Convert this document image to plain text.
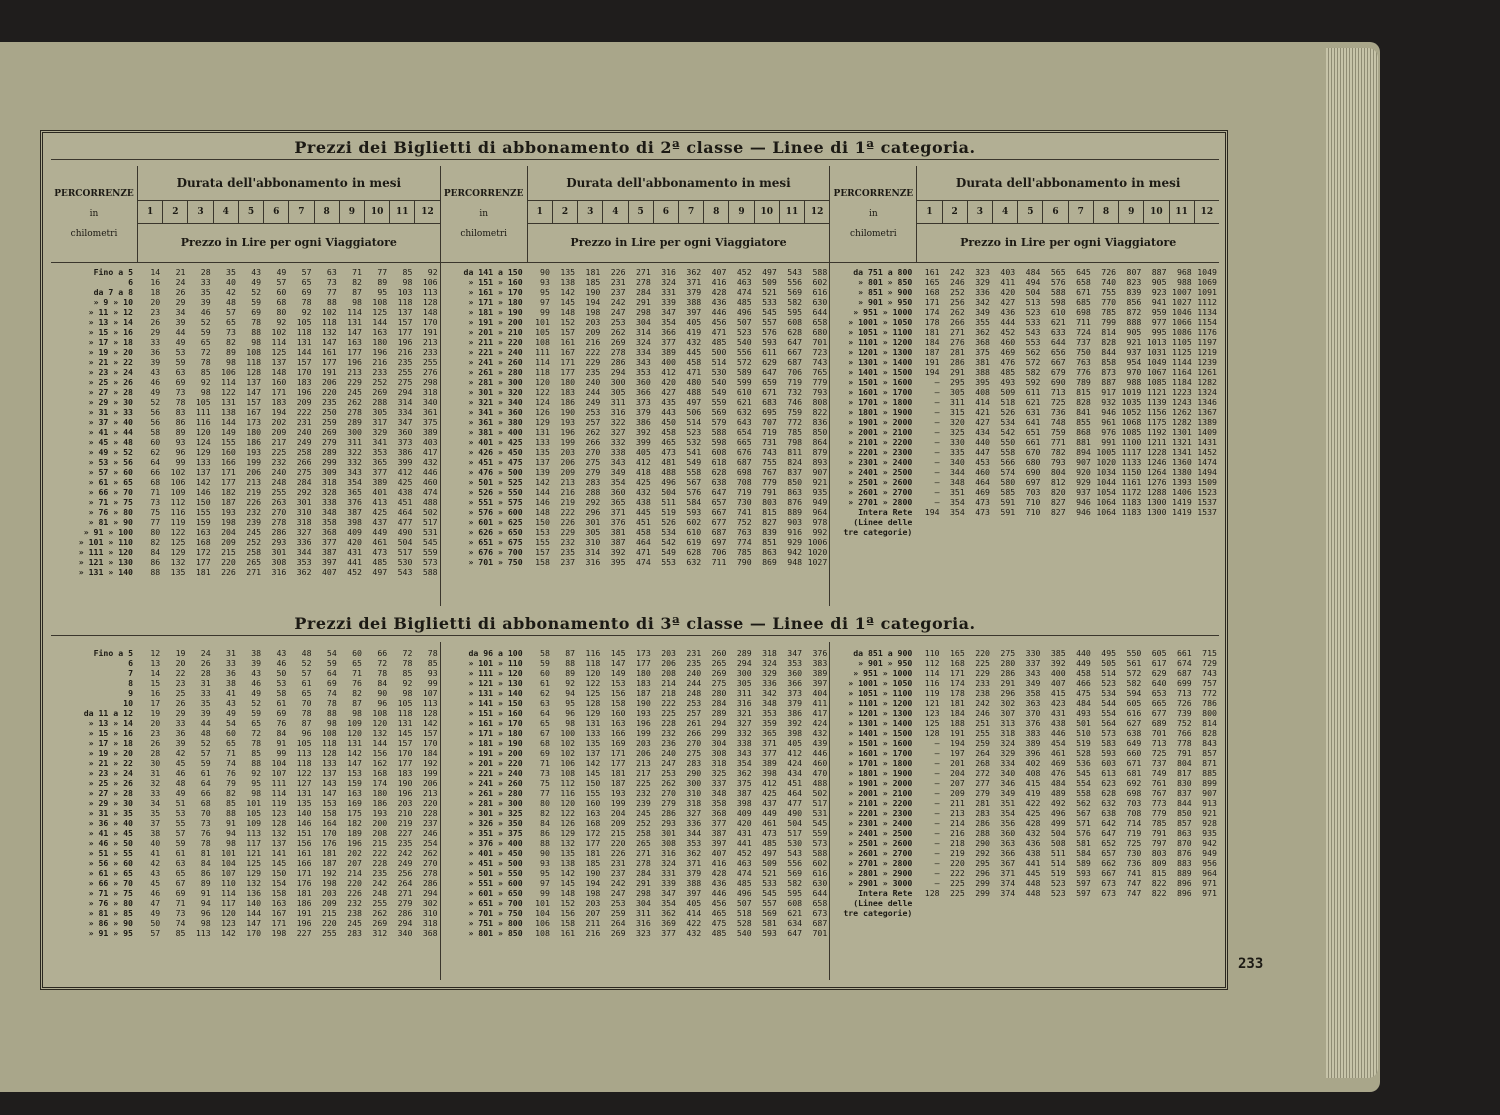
Prezzi dei Biglietti di abbonamento di 2ª classe — Linee di 1ª categoria.
PERCORRENZE
in
chilometri
Durata dell'abbonamento in mesi
1	2	3	4	5	6	7	8	9	10	11	12
Prezzo in Lire per ogni Viaggiatore
Fino a 5	14	21	28	35	43	49	57	63	71	77	85	92
6	16	24	33	40	49	57	65	73	82	89	98	106
da 7 a 8	18	26	35	42	52	60	69	77	87	95	103	113
» 9 » 10	20	29	39	48	59	68	78	88	98	108	118	128
» 11 » 12	23	34	46	57	69	80	92	102	114	125	137	148
» 13 » 14	26	39	52	65	78	92	105	118	131	144	157	170
» 15 » 16	29	44	59	73	88	102	118	132	147	163	177	191
» 17 » 18	33	49	65	82	98	114	131	147	163	180	196	213
» 19 » 20	36	53	72	89	108	125	144	161	177	196	216	233
» 21 » 22	39	59	78	98	118	137	157	177	196	216	235	255
» 23 » 24	43	63	85	106	128	148	170	191	213	233	255	276
» 25 » 26	46	69	92	114	137	160	183	206	229	252	275	298
» 27 » 28	49	73	98	122	147	171	196	220	245	269	294	318
» 29 » 30	52	78	105	131	157	183	209	235	262	288	314	340
» 31 » 33	56	83	111	138	167	194	222	250	278	305	334	361
» 37 » 40	56	86	116	144	173	202	231	259	289	317	347	375
» 41 » 44	58	89	120	149	180	209	240	269	300	329	360	389
» 45 » 48	60	93	124	155	186	217	249	279	311	341	373	403
» 49 » 52	62	96	129	160	193	225	258	289	322	353	386	417
» 53 » 56	64	99	133	166	199	232	266	299	332	365	399	432
» 57 » 60	66	102	137	171	206	240	275	309	343	377	412	446
» 61 » 65	68	106	142	177	213	248	284	318	354	389	425	460
» 66 » 70	71	109	146	182	219	255	292	328	365	401	438	474
» 71 » 75	73	112	150	187	226	263	301	338	376	413	451	488
» 76 » 80	75	116	155	193	232	270	310	348	387	425	464	502
» 81 » 90	77	119	159	198	239	278	318	358	398	437	477	517
» 91 » 100	80	122	163	204	245	286	327	368	409	449	490	531
» 101 » 110	82	125	168	209	252	293	336	377	420	461	504	545
» 111 » 120	84	129	172	215	258	301	344	387	431	473	517	559
» 121 » 130	86	132	177	220	265	308	353	397	441	485	530	573
» 131 » 140	88	135	181	226	271	316	362	407	452	497	543	588
PERCORRENZE
in
chilometri
Durata dell'abbonamento in mesi
1	2	3	4	5	6	7	8	9	10	11	12
Prezzo in Lire per ogni Viaggiatore
da 141 a 150	90	135	181	226	271	316	362	407	452	497	543	588
» 151 » 160	93	138	185	231	278	324	371	416	463	509	556	602
» 161 » 170	95	142	190	237	284	331	379	428	474	521	569	616
» 171 » 180	97	145	194	242	291	339	388	436	485	533	582	630
» 181 » 190	99	148	198	247	298	347	397	446	496	545	595	644
» 191 » 200	101	152	203	253	304	354	405	456	507	557	608	658
» 201 » 210	105	157	209	262	314	366	419	471	523	576	628	680
» 211 » 220	108	161	216	269	324	377	432	485	540	593	647	701
» 221 » 240	111	167	222	278	334	389	445	500	556	611	667	723
» 241 » 260	114	171	229	286	343	400	458	514	572	629	687	743
» 261 » 280	118	177	235	294	353	412	471	530	589	647	706	765
» 281 » 300	120	180	240	300	360	420	480	540	599	659	719	779
» 301 » 320	122	183	244	305	366	427	488	549	610	671	732	793
» 321 » 340	124	186	249	311	373	435	497	559	621	683	746	808
» 341 » 360	126	190	253	316	379	443	506	569	632	695	759	822
» 361 » 380	129	193	257	322	386	450	514	579	643	707	772	836
» 381 » 400	131	196	262	327	392	458	523	588	654	719	785	850
» 401 » 425	133	199	266	332	399	465	532	598	665	731	798	864
» 426 » 450	135	203	270	338	405	473	541	608	676	743	811	879
» 451 » 475	137	206	275	343	412	481	549	618	687	755	824	893
» 476 » 500	139	209	279	349	418	488	558	628	698	767	837	907
» 501 » 525	142	213	283	354	425	496	567	638	708	779	850	921
» 526 » 550	144	216	288	360	432	504	576	647	719	791	863	935
» 551 » 575	146	219	292	365	438	511	584	657	730	803	876	949
» 576 » 600	148	222	296	371	445	519	593	667	741	815	889	964
» 601 » 625	150	226	301	376	451	526	602	677	752	827	903	978
» 626 » 650	153	229	305	381	458	534	610	687	763	839	916	992
» 651 » 675	155	232	310	387	464	542	619	697	774	851	929 1006
» 676 » 700	157	235	314	392	471	549	628	706	785	863	942 1020
» 701 » 750	158	237	316	395	474	553	632	711	790	869	948 1027
PERCORRENZE
in
chilometri
Durata dell'abbonamento in mesi
1	2	3	4	5	6	7	8	9	10	11	12
Prezzo in Lire per ogni Viaggiatore
da 751 a 800	161	242	323	403	484	565	645	726	807	887	968 1049
» 801 » 850	165	246	329	411	494	576	658	740	823	905	988 1069
» 851 » 900	168	252	336	420	504	588	671	755	839	923 1007 1091
» 901 » 950	171	256	342	427	513	598	685	770	856	941 1027 1112
» 951 » 1000	174	262	349	436	523	610	698	785	872	959 1046 1134
» 1001 » 1050	178	266	355	444	533	621	711	799	888	977 1066 1154
» 1051 » 1100	181	271	362	452	543	633	724	814	905	995 1086 1176
» 1101 » 1200	184	276	368	460	553	644	737	828	921 1013 1105 1197
» 1201 » 1300	187	281	375	469	562	656	750	844	937 1031 1125 1219
» 1301 » 1400	191	286	381	476	572	667	763	858	954 1049 1144 1239
» 1401 » 1500	194	291	388	485	582	679	776	873	970 1067 1164 1261
» 1501 » 1600	—	295	395	493	592	690	789	887	988 1085 1184 1282
» 1601 » 1700	—	305	408	509	611	713	815	917 1019 1121 1223 1324
» 1701 » 1800	—	311	414	518	621	725	828	932 1035 1139 1243 1346
» 1801 » 1900	—	315	421	526	631	736	841	946 1052 1156 1262 1367
» 1901 » 2000	—	320	427	534	641	748	855	961 1068 1175 1282 1389
» 2001 » 2100	—	325	434	542	651	759	868	976 1085 1192 1301 1409
» 2101 » 2200	—	330	440	550	661	771	881	991 1100 1211 1321 1431
» 2201 » 2300	—	335	447	558	670	782	894 1005 1117 1228 1341 1452
» 2301 » 2400	—	340	453	566	680	793	907 1020 1133 1246 1360 1474
» 2401 » 2500	—	344	460	574	690	804	920 1034 1150 1264 1380 1494
» 2501 » 2600	—	348	464	580	697	812	929 1044 1161 1276 1393 1509
» 2601 » 2700	—	351	469	585	703	820	937 1054 1172 1288 1406 1523
» 2701 » 2800	—	354	473	591	710	827	946 1064 1183 1300 1419 1537
Intera Rete	194	354	473	591	710	827	946 1064 1183 1300 1419 1537
(Linee delle
tre categorie)
Prezzi dei Biglietti di abbonamento di 3ª classe — Linee di 1ª categoria.
Fino a 5	12	19	24	31	38	43	48	54	60	66	72	78
6	13	20	26	33	39	46	52	59	65	72	78	85
7	14	22	28	36	43	50	57	64	71	78	85	93
8	15	23	31	38	46	53	61	69	76	84	92	99
9	16	25	33	41	49	58	65	74	82	90	98	107
10	17	26	35	43	52	61	70	78	87	96	105	113
da 11 a 12	19	29	39	49	59	69	78	88	98	108	118	128
» 13 » 14	20	33	44	54	65	76	87	98	109	120	131	142
» 15 » 16	23	36	48	60	72	84	96	108	120	132	145	157
» 17 » 18	26	39	52	65	78	91	105	118	131	144	157	170
» 19 » 20	28	42	57	71	85	99	113	128	142	156	170	184
» 21 » 22	30	45	59	74	88	104	118	133	147	162	177	192
» 23 » 24	31	46	61	76	92	107	122	137	153	168	183	199
» 25 » 26	32	48	64	79	95	111	127	143	159	174	190	206
» 27 » 28	33	49	66	82	98	114	131	147	163	180	196	213
» 29 » 30	34	51	68	85	101	119	135	153	169	186	203	220
» 31 » 35	35	53	70	88	105	123	140	158	175	193	210	228
» 36 » 40	37	55	73	91	109	128	146	164	182	200	219	237
» 41 » 45	38	57	76	94	113	132	151	170	189	208	227	246
» 46 » 50	40	59	78	98	117	137	156	176	196	215	235	254
» 51 » 55	41	61	81	101	121	141	161	181	202	222	242	262
» 56 » 60	42	63	84	104	125	145	166	187	207	228	249	270
» 61 » 65	43	65	86	107	129	150	171	192	214	235	256	278
» 66 » 70	45	67	89	110	132	154	176	198	220	242	264	286
» 71 » 75	46	69	91	114	136	158	181	203	226	248	271	294
» 76 » 80	47	71	94	117	140	163	186	209	232	255	279	302
» 81 » 85	49	73	96	120	144	167	191	215	238	262	286	310
» 86 » 90	50	74	98	123	147	171	196	220	245	269	294	318
» 91 » 95	57	85	113	142	170	198	227	255	283	312	340	368
da 96 a 100	58	87	116	145	173	203	231	260	289	318	347	376
» 101 » 110	59	88	118	147	177	206	235	265	294	324	353	383
» 111 » 120	60	89	120	149	180	208	240	269	300	329	360	389
» 121 » 130	61	92	122	153	183	214	244	275	305	336	366	397
» 131 » 140	62	94	125	156	187	218	248	280	311	342	373	404
» 141 » 150	63	95	128	158	190	222	253	284	316	348	379	411
» 151 » 160	64	96	129	160	193	225	257	289	321	353	386	417
» 161 » 170	65	98	131	163	196	228	261	294	327	359	392	424
» 171 » 180	67	100	133	166	199	232	266	299	332	365	398	432
» 181 » 190	68	102	135	169	203	236	270	304	338	371	405	439
» 191 » 200	69	102	137	171	206	240	275	308	343	377	412	446
» 201 » 220	71	106	142	177	213	247	283	318	354	389	424	460
» 221 » 240	73	108	145	181	217	253	290	325	362	398	434	470
» 241 » 260	75	112	150	187	225	262	300	337	375	412	451	488
» 261 » 280	77	116	155	193	232	270	310	348	387	425	464	502
» 281 » 300	80	120	160	199	239	279	318	358	398	437	477	517
» 301 » 325	82	122	163	204	245	286	327	368	409	449	490	531
» 326 » 350	84	126	168	209	252	293	336	377	420	461	504	545
» 351 » 375	86	129	172	215	258	301	344	387	431	473	517	559
» 376 » 400	88	132	177	220	265	308	353	397	441	485	530	573
» 401 » 450	90	135	181	226	271	316	362	407	452	497	543	588
» 451 » 500	93	138	185	231	278	324	371	416	463	509	556	602
» 501 » 550	95	142	190	237	284	331	379	428	474	521	569	616
» 551 » 600	97	145	194	242	291	339	388	436	485	533	582	630
» 601 » 650	99	148	198	247	298	347	397	446	496	545	595	644
» 651 » 700	101	152	203	253	304	354	405	456	507	557	608	658
» 701 » 750	104	156	207	259	311	362	414	465	518	569	621	673
» 751 » 800	106	158	211	264	316	369	422	475	528	581	634	687
» 801 » 850	108	161	216	269	323	377	432	485	540	593	647	701
da 851 a 900	110	165	220	275	330	385	440	495	550	605	661	715
» 901 » 950	112	168	225	280	337	392	449	505	561	617	674	729
» 951 » 1000	114	171	229	286	343	400	458	514	572	629	687	743
» 1001 » 1050	116	174	233	291	349	407	466	523	582	640	699	757
» 1051 » 1100	119	178	238	296	358	415	475	534	594	653	713	772
» 1101 » 1200	121	181	242	302	363	423	484	544	605	665	726	786
» 1201 » 1300	123	184	246	307	370	431	493	554	616	677	739	800
» 1301 » 1400	125	188	251	313	376	438	501	564	627	689	752	814
» 1401 » 1500	128	191	255	318	383	446	510	573	638	701	766	828
» 1501 » 1600	—	194	259	324	389	454	519	583	649	713	778	843
» 1601 » 1700	—	197	264	329	396	461	528	593	660	725	791	857
» 1701 » 1800	—	201	268	334	402	469	536	603	671	737	804	871
» 1801 » 1900	—	204	272	340	408	476	545	613	681	749	817	885
» 1901 » 2000	—	207	277	346	415	484	554	623	692	761	830	899
» 2001 » 2100	—	209	279	349	419	489	558	628	698	767	837	907
» 2101 » 2200	—	211	281	351	422	492	562	632	703	773	844	913
» 2201 » 2300	—	213	283	354	425	496	567	638	708	779	850	921
» 2301 » 2400	—	214	286	356	428	499	571	642	714	785	857	928
» 2401 » 2500	—	216	288	360	432	504	576	647	719	791	863	935
» 2501 » 2600	—	218	290	363	436	508	581	652	725	797	870	942
» 2601 » 2700	—	219	292	366	438	511	584	657	730	803	876	949
» 2701 » 2800	—	220	295	367	441	514	589	662	736	809	883	956
» 2801 » 2900	—	222	296	371	445	519	593	667	741	815	889	964
» 2901 » 3000	—	225	299	374	448	523	597	673	747	822	896	971
Intera Rete	128	225	299	374	448	523	597	673	747	822	896	971
(Linee delle
tre categorie)
233
